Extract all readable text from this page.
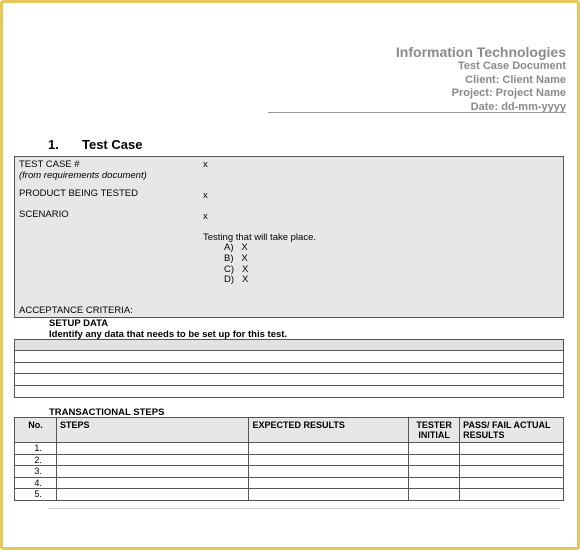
Information Technologies
Test Case Document
Client: Client Name
Project: Project Name
Date: dd-mm-yyyy
1. Test Case
TEST CASE #
(from requirements document)
x
PRODUCT BEING TESTED	x
SCENARIO	x
Testing that will take place.
A)   X
B)   X
C)   X
D)   X
ACCEPTANCE CRITERIA:
SETUP DATA
Identify any data that needs to be set up for this test.
TRANSACTIONAL STEPS
No.	STEPS	EXPECTED RESULTS	TESTER INITIAL	PASS/ FAIL ACTUAL RESULTS
1.				
2.				
3.				
4.				
5.				
